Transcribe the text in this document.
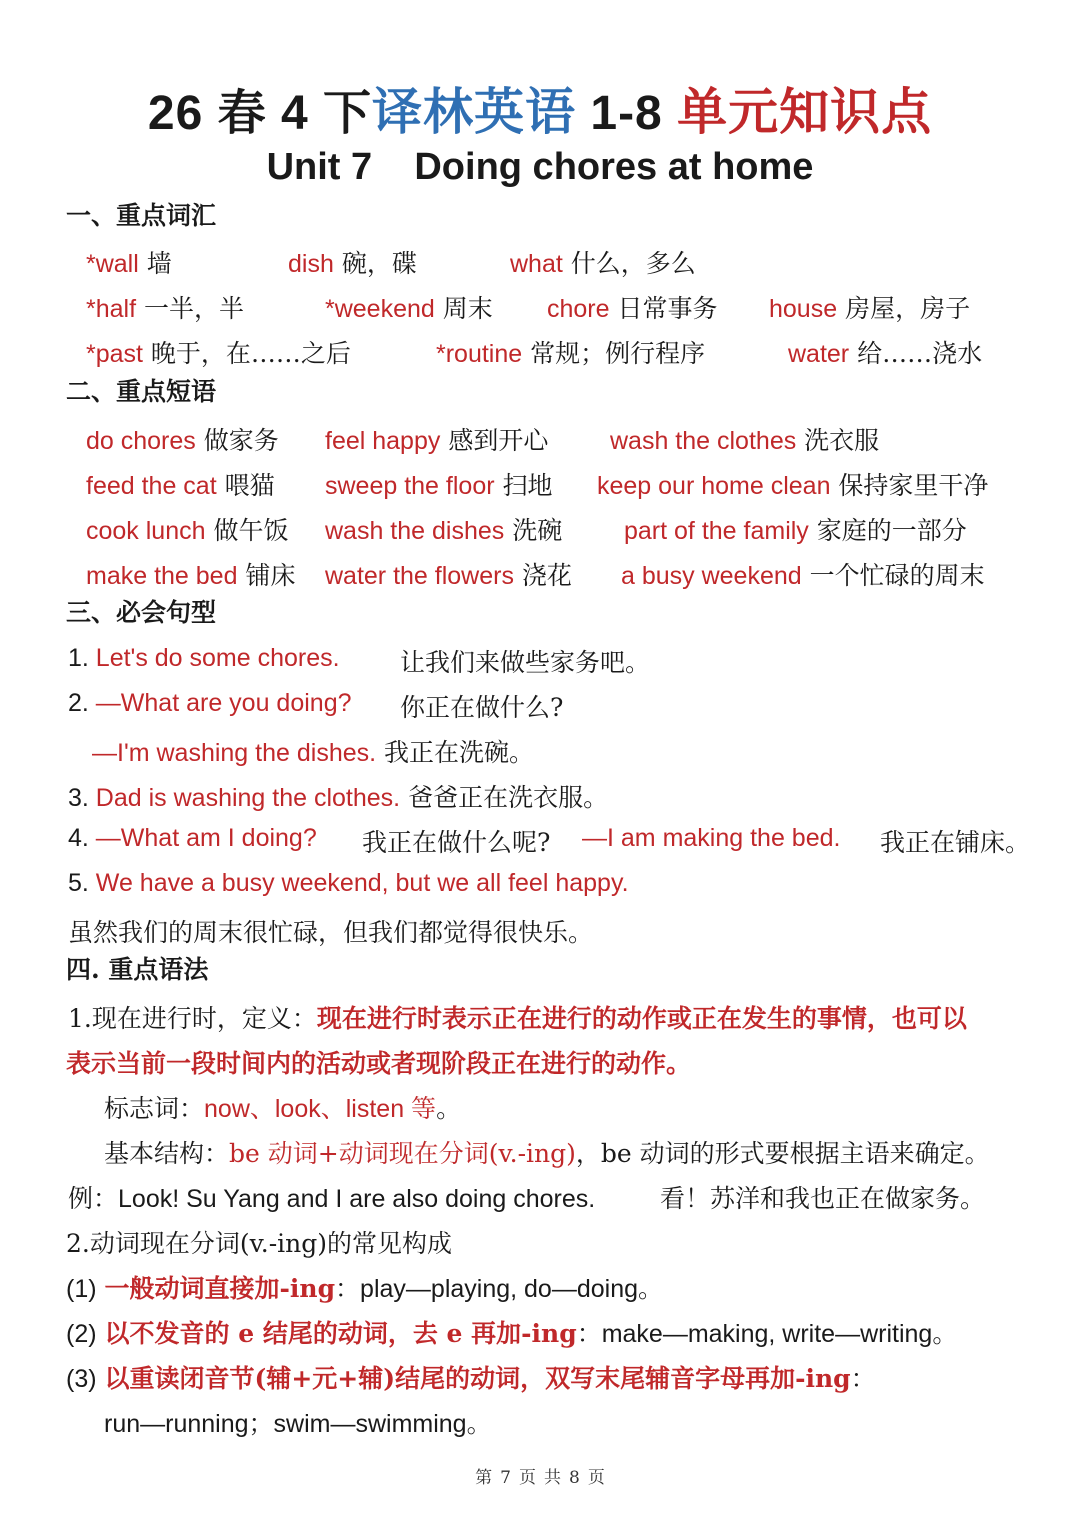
26 春 4 下译林英语 1-8 单元知识点
Unit 7    Doing chores at home
一、重点词汇
*wall 墙	dish 碗，碟	what 什么，多么
*half 一半，半	*weekend 周末 chore 日常事务 house 房屋，房子
*past 晚于，在……之后	*routine 常规；例行程序	water 给……浇水
二、重点短语
do chores 做家务 feel happy 感到开心 wash the clothes 洗衣服
feed the cat 喂猫 sweep the floor 扫地 keep our home clean 保持家里干净
cook lunch 做午饭 wash the dishes 洗碗 part of the family 家庭的一部分
make the bed 铺床 water the flowers 浇花 a busy weekend 一个忙碌的周末
三、必会句型
1. Let's do some chores. 让我们来做些家务吧。
2. —What are you doing? 你正在做什么?
—I'm washing the dishes. 我正在洗碗。
3. Dad is washing the clothes. 爸爸正在洗衣服。
4. —What am I doing? 我正在做什么呢? —I am making the bed. 我正在铺床。
5. We have a busy weekend, but we all feel happy.
虽然我们的周末很忙碌，但我们都觉得很快乐。
四. 重点语法
1.现在进行时，定义：现在进行时表示正在进行的动作或正在发生的事情，也可以
表示当前一段时间内的活动或者现阶段正在进行的动作。
标志词：now、look、listen 等。
基本结构：be 动词+动词现在分词(v.-ing)，be 动词的形式要根据主语来确定。
例：Look! Su Yang and I are also doing chores.	看！苏洋和我也正在做家务。
2.动词现在分词(v.-ing)的常见构成
(1) 一般动词直接加-ing：play—playing, do—doing。
(2) 以不发音的 e 结尾的动词，去 e 再加-ing：make—making, write—writing。
(3) 以重读闭音节(辅+元+辅)结尾的动词，双写末尾辅音字母再加-ing：
run—running；swim—swimming。
第 7 页 共 8 页
